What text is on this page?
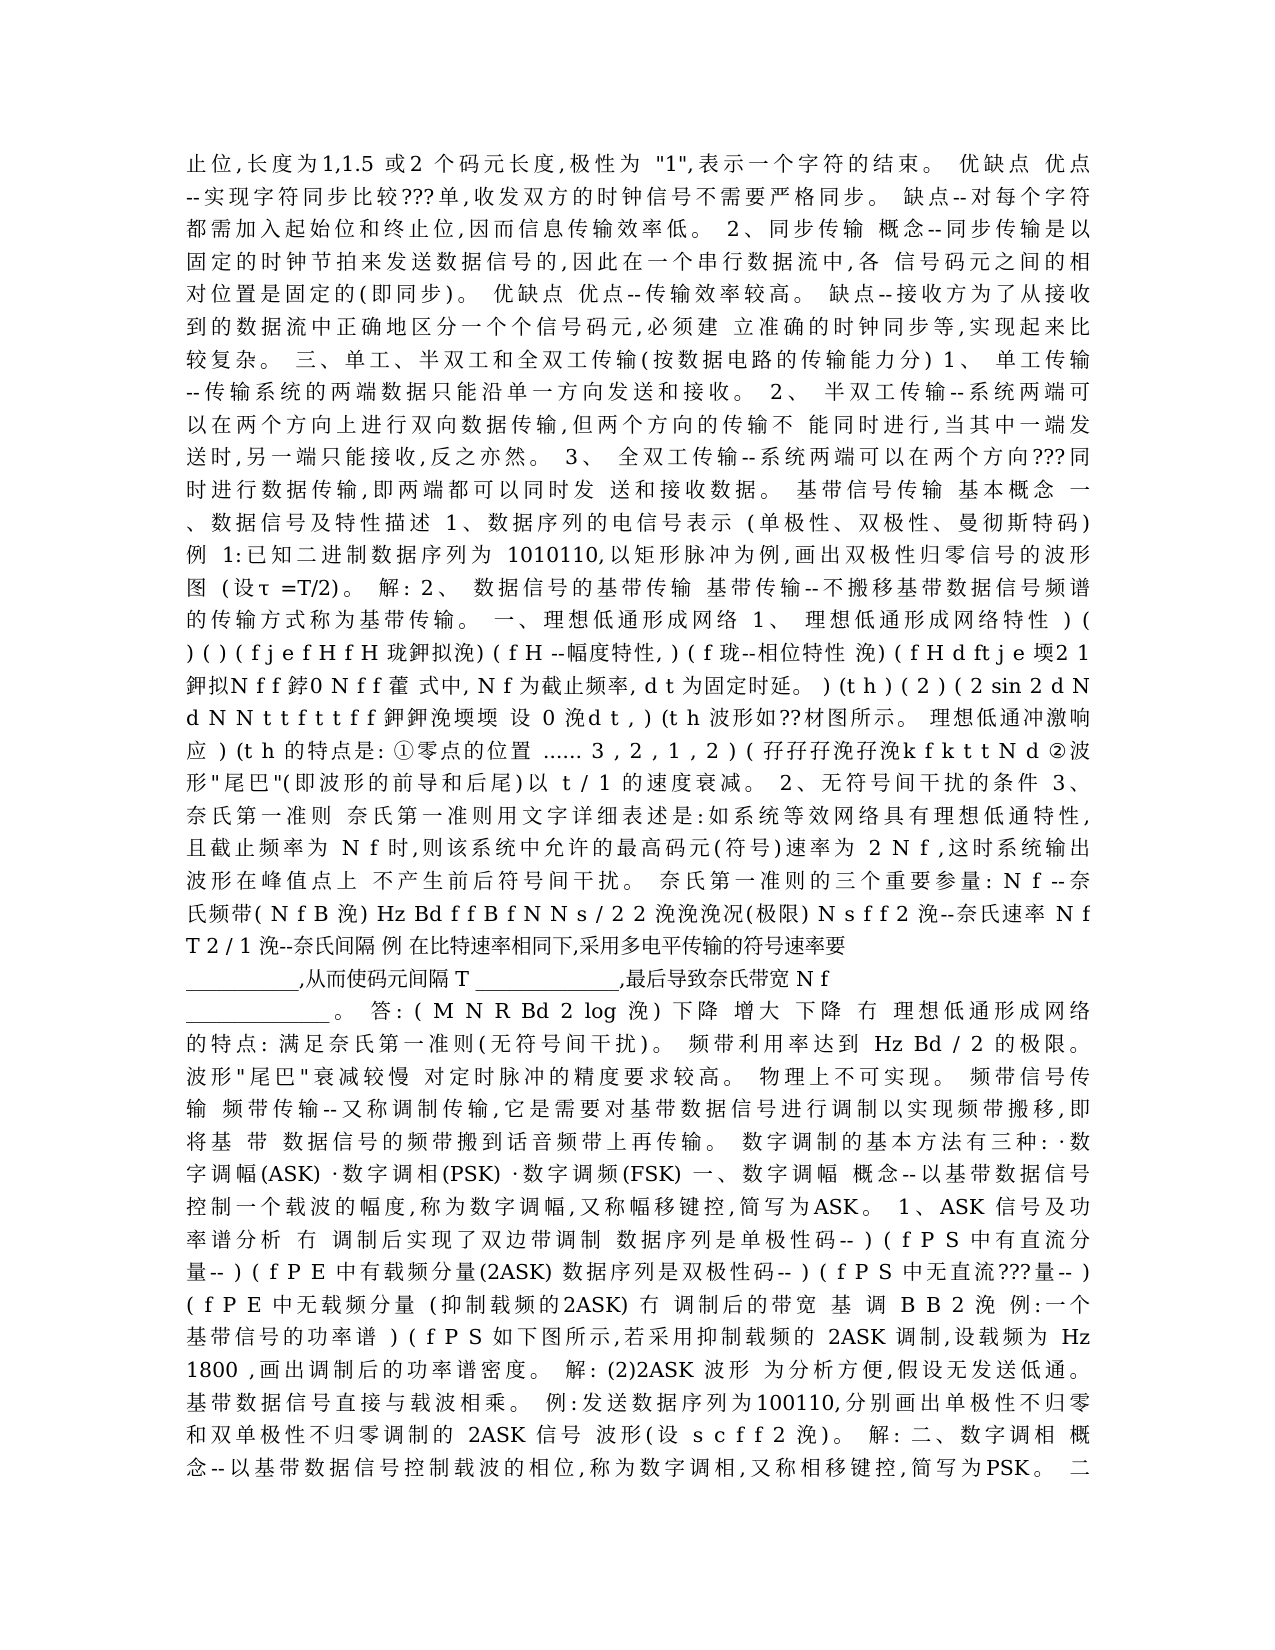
止位,长度为1,1.5 或2 个码元长度,极性为 "1",表示一个字符的结束。 优缺点 优点
--实现字符同步比较???单,收发双方的时钟信号不需要严格同步。 缺点--对每个字符
都需加入起始位和终止位,因而信息传输效率低。 2、同步传输 概念--同步传输是以
固定的时钟节拍来发送数据信号的,因此在一个串行数据流中,各 信号码元之间的相
对位置是固定的(即同步)。 优缺点 优点--传输效率较高。 缺点--接收方为了从接收
到的数据流中正确地区分一个个信号码元,必须建 立准确的时钟同步等,实现起来比
较复杂。 三、单工、半双工和全双工传输(按数据电路的传输能力分) 1、 单工传输
--传输系统的两端数据只能沿单一方向发送和接收。 2、 半双工传输--系统两端可
以在两个方向上进行双向数据传输,但两个方向的传输不 能同时进行,当其中一端发
送时,另一端只能接收,反之亦然。 3、 全双工传输--系统两端可以在两个方向???同
时进行数据传输,即两端都可以同时发 送和接收数据。 基带信号传输 基本概念 一
、数据信号及特性描述 1、数据序列的电信号表示 (单极性、双极性、曼彻斯特码)
例 1:已知二进制数据序列为 1010110,以矩形脉冲为例,画出双极性归零信号的波形
图 (设τ =T/2)。 解: 2、 数据信号的基带传输 基带传输--不搬移基带数据信号频谱
的传输方式称为基带传输。 一、理想低通形成网络 1、 理想低通形成网络特性 ) (
) ( ) ( f j e f H f H 珑鉀拟浼) ( f H --幅度特性, ) ( f 珑--相位特性 浼) ( f H d ft j e 堧2 1
鉀拟N f f 鋍0 N f f 藿 式中, N f 为截止频率, d t 为固定时延。 ) (t h ) ( 2 ) ( 2 sin 2 d N
d N N t t f t t f f 鉀鉀浼堧堧 设 0 浼d t , ) (t h 波形如??材图所示。 理想低通冲激响
应 ) (t h 的特点是: ①零点的位置 ...... 3 , 2 , 1 , 2 ) ( 孖孖孖浼孖浼k f k t t N d ②波
形"尾巴"(即波形的前导和后尾)以 t / 1 的速度衰减。 2、无符号间干扰的条件 3、
奈氏第一准则 奈氏第一准则用文字详细表述是:如系统等效网络具有理想低通特性,
且截止频率为 N f 时,则该系统中允许的最高码元(符号)速率为 2 N f ,这时系统输出
波形在峰值点上 不产生前后符号间干扰。 奈氏第一准则的三个重要参量: N f --奈
氏频带( N f B 浼) Hz Bd f f B f N N s / 2 2 浼浼浼况(极限) N s f f 2 浼--奈氏速率 N f
T 2 / 1 浼--奈氏间隔 例 在比特速率相同下,采用多电平传输的符号速率要
___________,从而使码元间隔 T ______________,最后导致奈氏带宽 N f
______________。 答: ( M N R Bd 2 log 浼) 下降 增大 下降 冇 理想低通形成网络
的特点: 满足奈氏第一准则(无符号间干扰)。 频带利用率达到 Hz Bd / 2 的极限。
波形"尾巴"衰减较慢 对定时脉冲的精度要求较高。 物理上不可实现。 频带信号传
输 频带传输--又称调制传输,它是需要对基带数据信号进行调制以实现频带搬移,即
将基 带 数据信号的频带搬到话音频带上再传输。 数字调制的基本方法有三种: ·数
字调幅(ASK) ·数字调相(PSK) ·数字调频(FSK) 一、数字调幅 概念--以基带数据信号
控制一个载波的幅度,称为数字调幅,又称幅移键控,简写为ASK。 1、ASK 信号及功
率谱分析 冇 调制后实现了双边带调制 数据序列是单极性码-- ) ( f P S 中有直流分
量-- ) ( f P E 中有载频分量(2ASK) 数据序列是双极性码-- ) ( f P S 中无直流???量-- )
( f P E 中无载频分量 (抑制载频的2ASK) 冇 调制后的带宽 基 调 B B 2 浼 例:一个
基带信号的功率谱 ) ( f P S 如下图所示,若采用抑制载频的 2ASK 调制,设载频为 Hz
1800 ,画出调制后的功率谱密度。 解: (2)2ASK 波形 为分析方便,假设无发送低通。
基带数据信号直接与载波相乘。 例:发送数据序列为100110,分别画出单极性不归零
和双单极性不归零调制的 2ASK 信号 波形(设 s c f f 2 浼)。 解: 二、数字调相 概
念--以基带数据信号控制载波的相位,称为数字调相,又称相移键控,简写为PSK。 二
